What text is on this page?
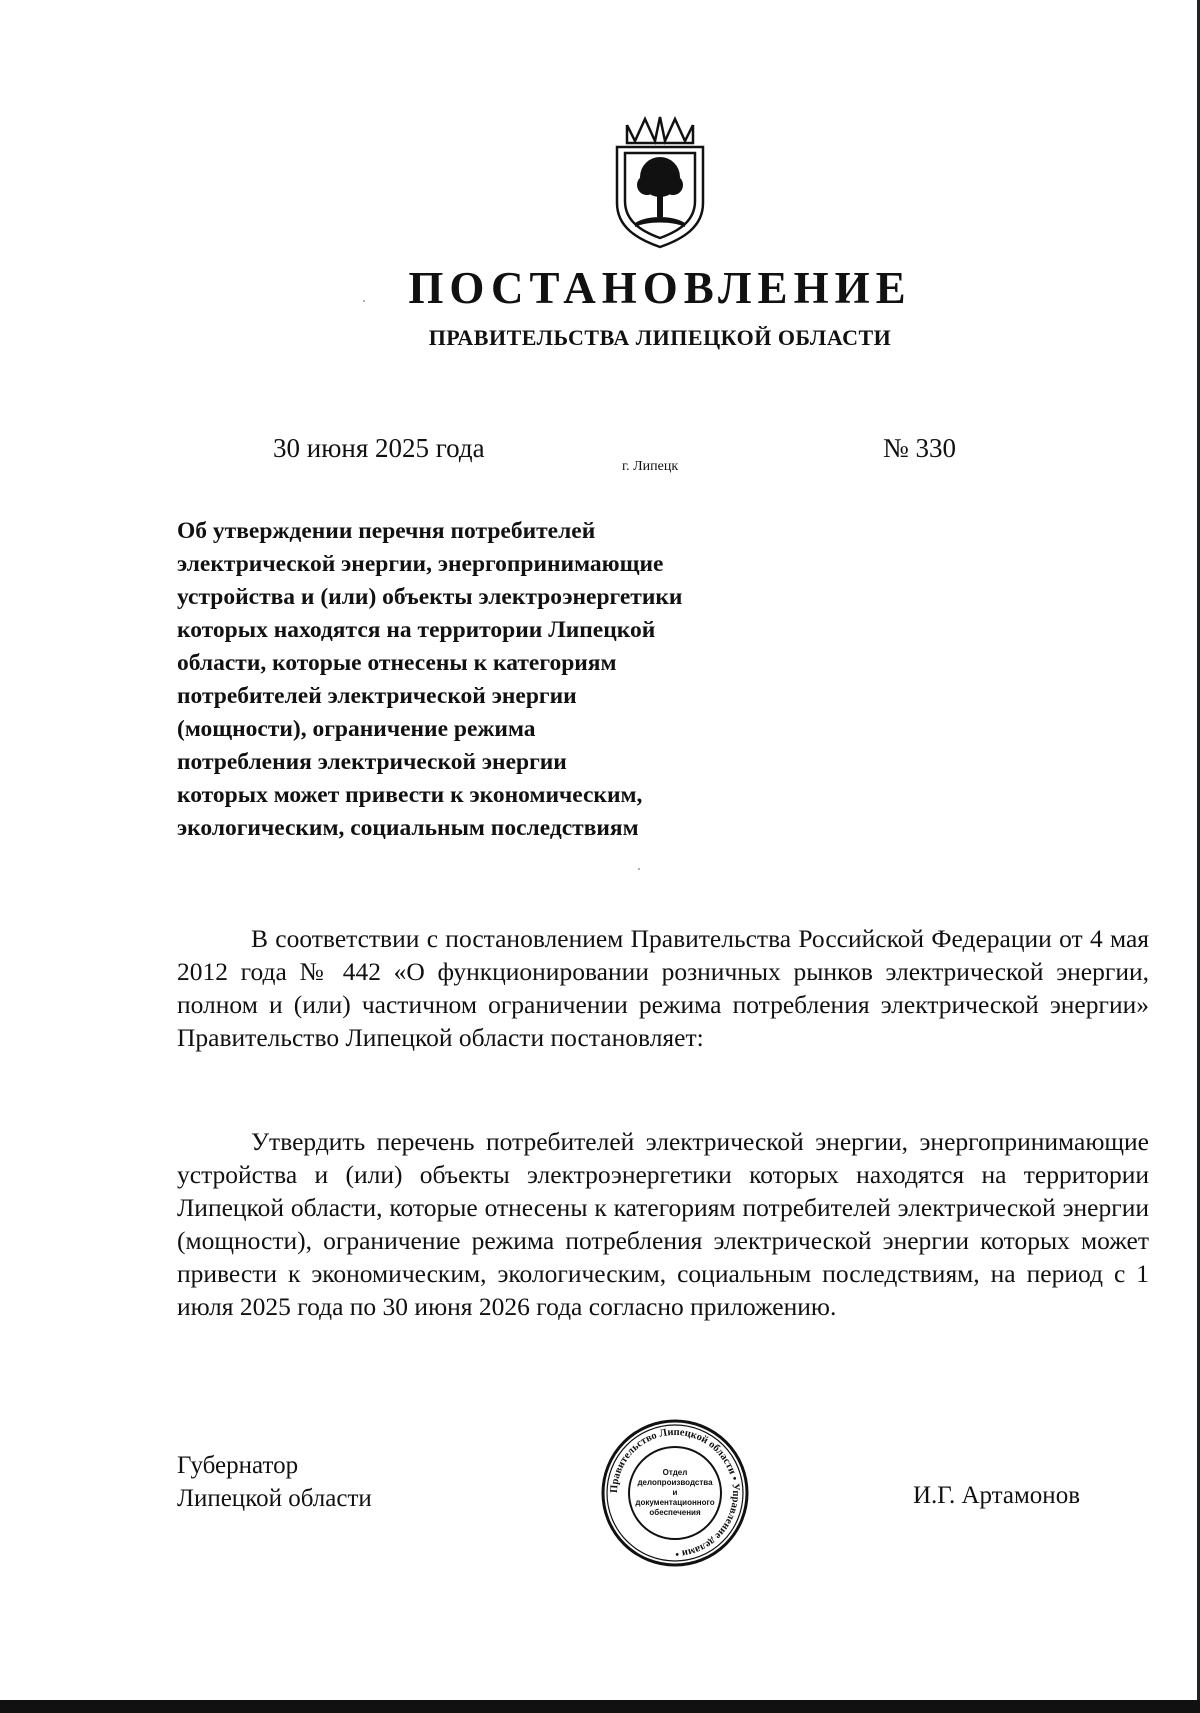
ПОСТАНОВЛЕНИЕ
ПРАВИТЕЛЬСТВА ЛИПЕЦКОЙ ОБЛАСТИ
30 июня 2025 года
г. Липецк
№ 330
Об утверждении перечня потребителей
электрической энергии, энергопринимающие
устройства и (или) объекты электроэнергетики
которых находятся на территории Липецкой
области, которые отнесены к категориям
потребителей электрической энергии
(мощности), ограничение режима
потребления электрической энергии
которых может привести к экономическим,
экологическим, социальным последствиям
В соответствии с постановлением Правительства Российской Федерации от 4 мая 2012 года № 442 «О функционировании розничных рынков электрической энергии, полном и (или) частичном ограничении режима потребления электрической энергии» Правительство Липецкой области постановляет:
Утвердить перечень потребителей электрической энергии, энергопринимающие устройства и (или) объекты электроэнергетики которых находятся на территории Липецкой области, которые отнесены к категориям потребителей электрической энергии (мощности), ограничение режима потребления электрической энергии которых может привести к экономическим, экологическим, социальным последствиям, на период с 1 июля 2025 года по 30 июня 2026 года согласно приложению.
Губернатор
Липецкой области	Правительство Липецкой области • Управление делами •
Отдел делопроизводства и документационного обеспечения
И.Г. Артамонов
